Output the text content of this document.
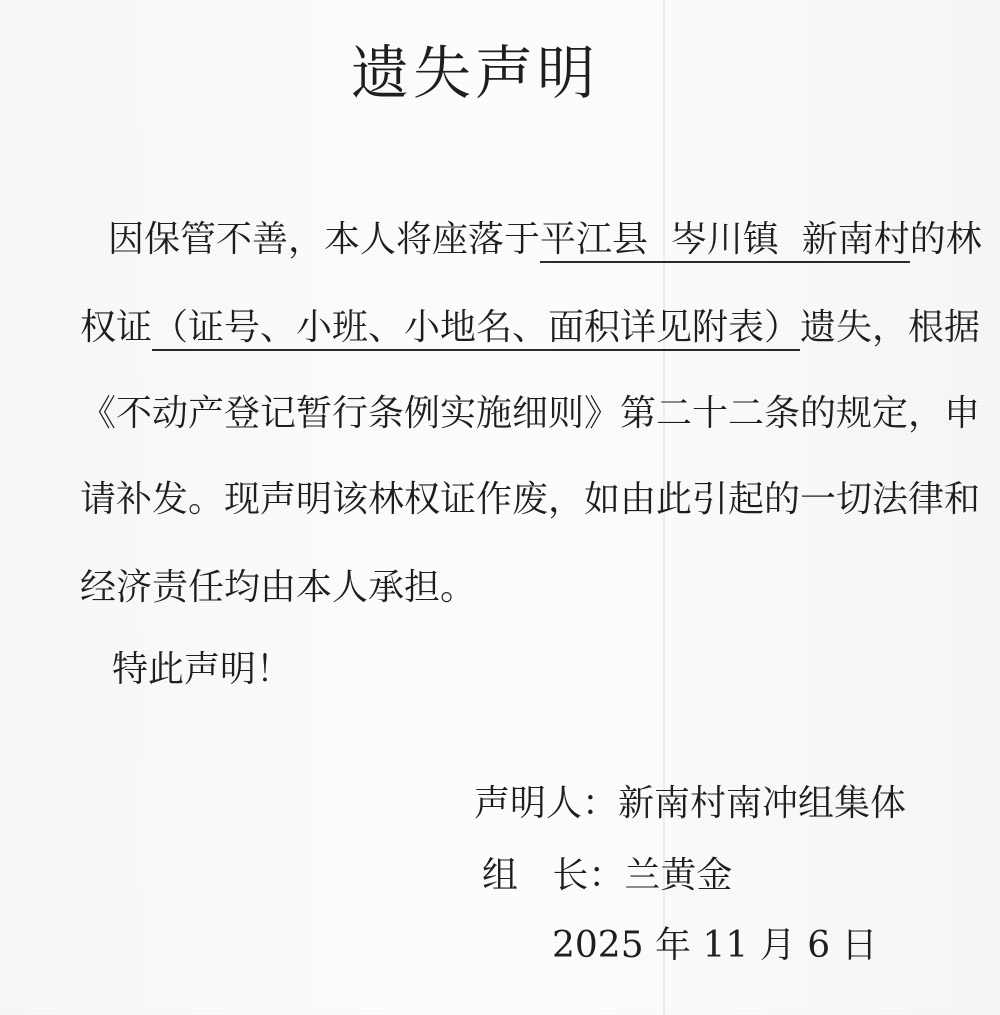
遗失声明
因保管不善，本人将座落于平江县  岑川镇  新南村的林
权证（证号、小班、小地名、面积详见附表）遗失，根据
《不动产登记暂行条例实施细则》第二十二条的规定，申
请补发。现声明该林权证作废，如由此引起的一切法律和
经济责任均由本人承担。
特此声明！
声明人：新南村南冲组集体
组   长：兰黄金
2025 年 11 月 6 日
